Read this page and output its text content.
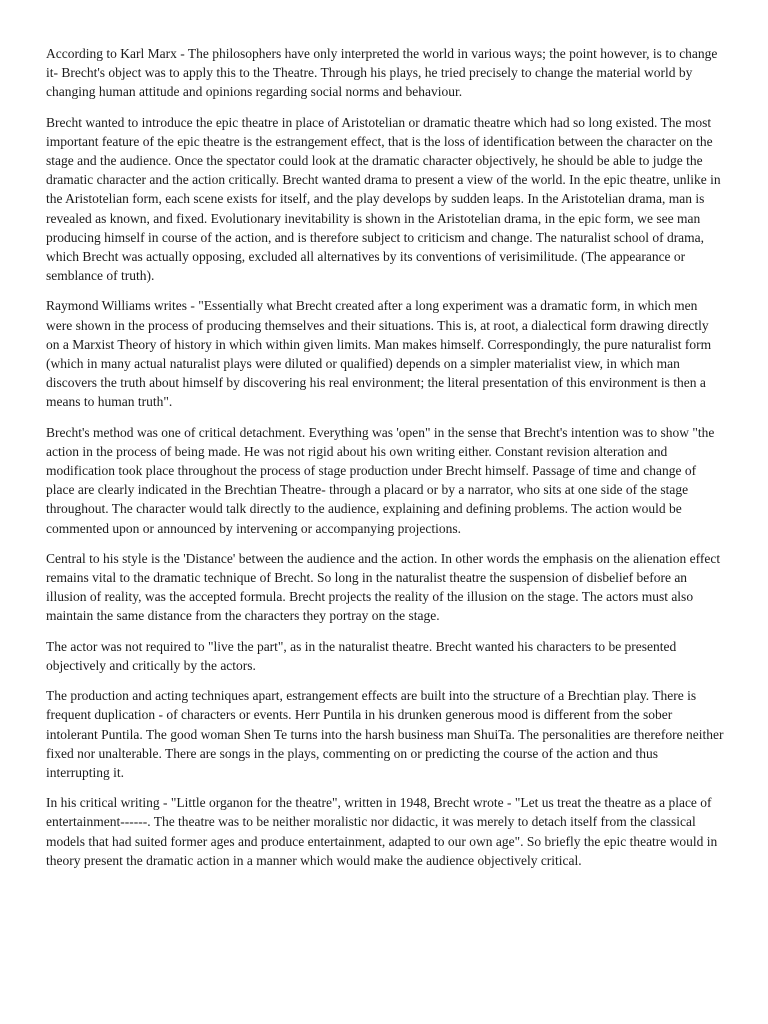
According to Karl Marx - The philosophers have only interpreted the world in various ways; the point however, is to change it- Brecht's object was to apply this to the Theatre. Through his plays, he tried precisely to change the material world by changing human attitude and opinions regarding social norms and behaviour.

Brecht wanted to introduce the epic theatre in place of Aristotelian or dramatic theatre which had so long existed. The most important feature of the epic theatre is the estrangement effect, that is the loss of identification between the character on the stage and the audience. Once the spectator could look at the dramatic character objectively, he should be able to judge the dramatic character and the action critically. Brecht wanted drama to present a view of the world. In the epic theatre, unlike in the Aristotelian form, each scene exists for itself, and the play develops by sudden leaps. In the Aristotelian drama, man is revealed as known, and fixed. Evolutionary inevitability is shown in the Aristotelian drama, in the epic form, we see man producing himself in course of the action, and is therefore subject to criticism and change. The naturalist school of drama, which Brecht was actually opposing, excluded all alternatives by its conventions of verisimilitude. (The appearance or semblance of truth).

Raymond Williams writes - "Essentially what Brecht created after a long experiment was a dramatic form, in which men were shown in the process of producing themselves and their situations. This is, at root, a dialectical form drawing directly on a Marxist Theory of history in which within given limits. Man makes himself. Correspondingly, the pure naturalist form (which in many actual naturalist plays were diluted or qualified) depends on a simpler materialist view, in which man discovers the truth about himself by discovering his real environment; the literal presentation of this environment is then a means to human truth".

Brecht's method was one of critical detachment. Everything was 'open" in the sense that Brecht's intention was to show "the action in the process of being made. He was not rigid about his own writing either. Constant revision alteration and modification took place throughout the process of stage production under Brecht himself. Passage of time and change of place are clearly indicated in the Brechtian Theatre- through a placard or by a narrator, who sits at one side of the stage throughout. The character would talk directly to the audience, explaining and defining problems. The action would be commented upon or announced by intervening or accompanying projections.

Central to his style is the 'Distance' between the audience and the action. In other words the emphasis on the alienation effect remains vital to the dramatic technique of Brecht. So long in the naturalist theatre the suspension of disbelief before an illusion of reality, was the accepted formula. Brecht projects the reality of the illusion on the stage. The actors must also maintain the same distance from the characters they portray on the stage.

The actor was not required to "live the part", as in the naturalist theatre. Brecht wanted his characters to be presented objectively and critically by the actors.

The production and acting techniques apart, estrangement effects are built into the structure of a Brechtian play. There is frequent duplication - of characters or events. Herr Puntila in his drunken generous mood is different from the sober intolerant Puntila. The good woman Shen Te turns into the harsh business man ShuiTa. The personalities are therefore neither fixed nor unalterable. There are songs in the plays, commenting on or predicting the course of the action and thus interrupting it.

In his critical writing - "Little organon for the theatre", written in 1948, Brecht wrote - "Let us treat the theatre as a place of entertainment------. The theatre was to be neither moralistic nor didactic, it was merely to detach itself from the classical models that had suited former ages and produce entertainment, adapted to our own age". So briefly the epic theatre would in theory present the dramatic action in a manner which would make the audience objectively critical.
